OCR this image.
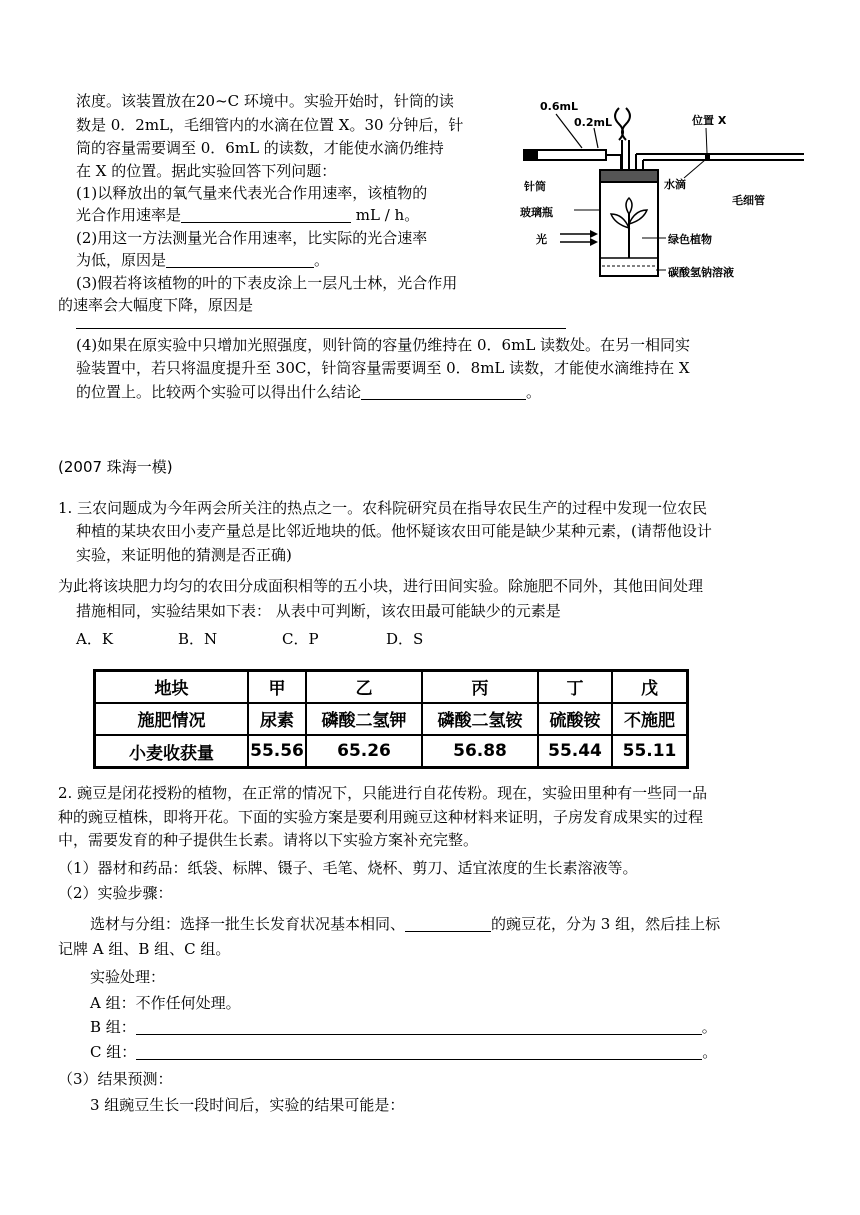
浓度。该装置放在20~C 环境中。实验开始时，针筒的读
数是 0．2mL，毛细管内的水滴在位置 X。30 分钟后，针
筒的容量需要调至 0．6mL 的读数，才能使水滴仍维持
在 X 的位置。据此实验回答下列问题：
(1)以释放出的氧气量来代表光合作用速率，该植物的
光合作用速率是	mL / h。
(2)用这一方法测量光合作用速率，比实际的光合速率
为低，原因是	。
(3)假若将该植物的叶的下表皮涂上一层凡士林，光合作用
的速率会大幅度下降，原因是
(4)如果在原实验中只增加光照强度，则针筒的容量仍维持在 0．6mL 读数处。在另一相同实
验装置中，若只将温度提升至 30C，针筒容量需要调至 0．8mL 读数，才能使水滴维持在 X
的位置上。比较两个实验可以得出什么结论	。
0.6mL
0.2mL	位置 X
针筒	水滴
毛细管
玻璃瓶
光	绿色植物
碳酸氢钠溶液
(2007 珠海一模)
1. 三农问题成为今年两会所关注的热点之一。农科院研究员在指导农民生产的过程中发现一位农民
种植的某块农田小麦产量总是比邻近地块的低。他怀疑该农田可能是缺少某种元素，(请帮他设计
实验，来证明他的猜测是否正确)
为此将该块肥力均匀的农田分成面积相等的五小块，进行田间实验。除施肥不同外，其他田间处理
措施相同，实验结果如下表： 从表中可判断，该农田最可能缺少的元素是
A．K	B．N	C．P	D．S
地块	甲	乙	丙	丁	戊
施肥情况	尿素	磷酸二氢钾	磷酸二氢铵	硫酸铵	不施肥
小麦收获量	55.56	65.26	56.88	55.44	55.11
2. 豌豆是闭花授粉的植物，在正常的情况下，只能进行自花传粉。现在，实验田里种有一些同一品
种的豌豆植株，即将开花。下面的实验方案是要利用豌豆这种材料来证明，子房发育成果实的过程
中，需要发育的种子提供生长素。请将以下实验方案补充完整。
（1）器材和药品：纸袋、标牌、镊子、毛笔、烧杯、剪刀、适宜浓度的生长素溶液等。
（2）实验步骤：
选材与分组：选择一批生长发育状况基本相同、	的豌豆花，分为 3 组，然后挂上标
记牌 A 组、B 组、C 组。
实验处理：
A 组：不作任何处理。
B 组：	。
C 组：	。
（3）结果预测：
3 组豌豆生长一段时间后，实验的结果可能是：
